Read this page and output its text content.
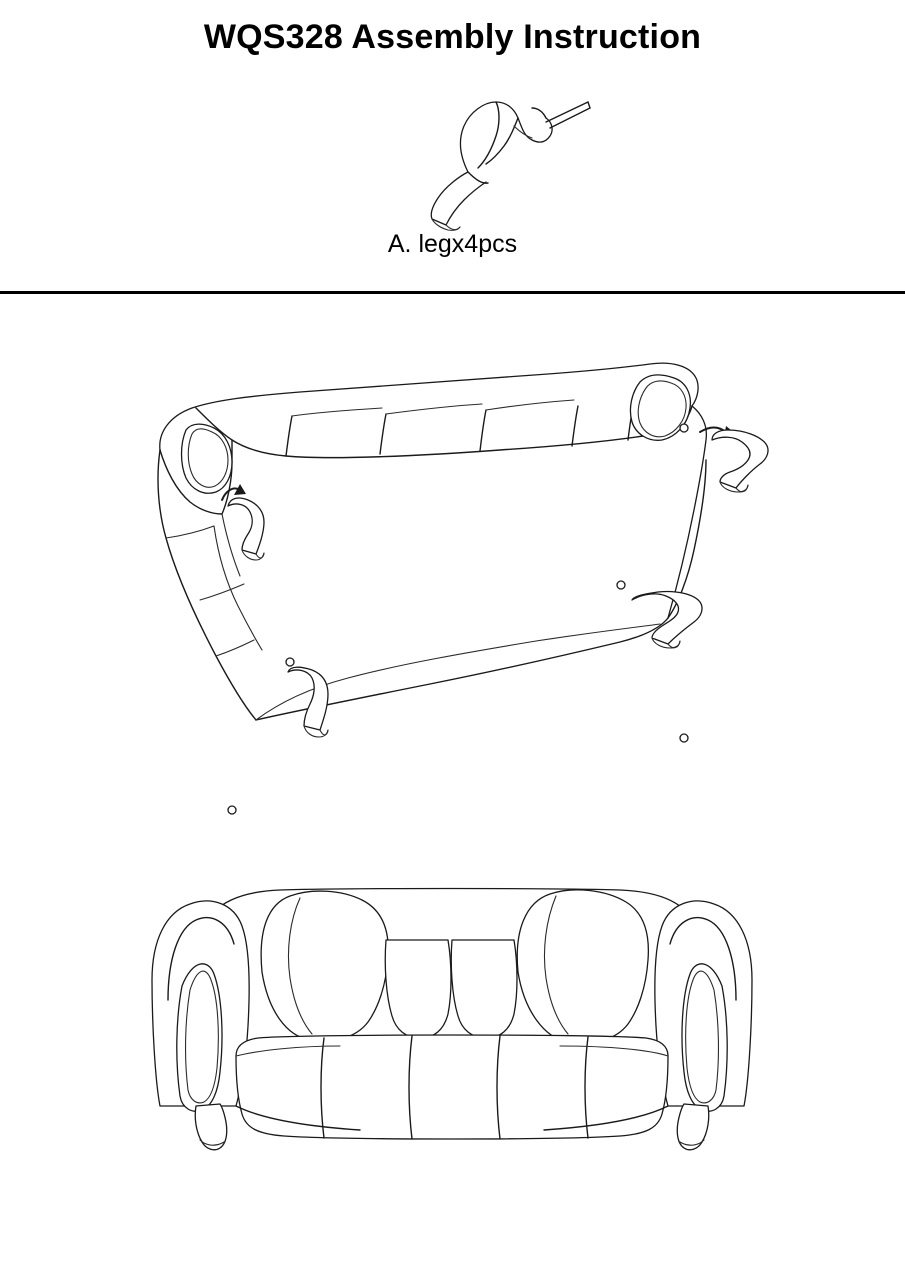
WQS328 Assembly Instruction
A. legx4pcs
